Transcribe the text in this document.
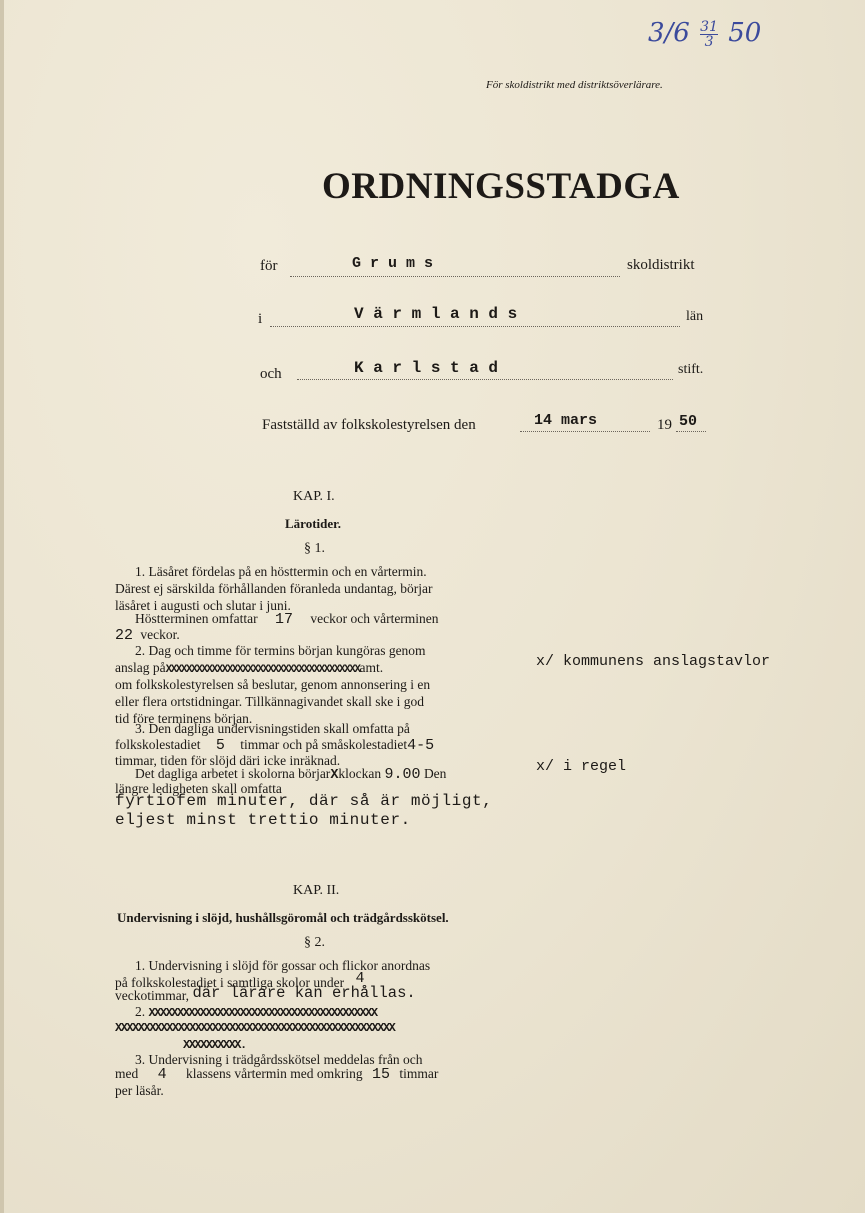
$3/6 \frac{31}{3} 50$
För skoldistrikt med distriktsöverlärare.
ORDNINGSSTADGA
för	G r u m s	skoldistrikt
i	V ä r m l a n d s	län
och	K a r l s t a d	stift.
Fastställd av folkskolestyrelsen den	14 mars	19 50
KAP. I.
Lärotider.
§ 1.
1. Läsåret fördelas på en hösttermin och en vårtermin.
Därest ej särskilda förhållanden föranleda undantag, börjar
läsåret i augusti och slutar i juni.
Höstterminen omfattar 17 veckor och vårterminen
22 veckor.
2. Dag och timme för termins början kungöras genom
anslag påXXXXXXXXXXXXXXXXXXXXXXXXXXXXXXXXXXXXXXamt.	x/ kommunens anslagstavlor
om folkskolestyrelsen så beslutar, genom annonsering i en
eller flera ortstidningar. Tillkännagivandet skall ske i god
tid före terminens början.
3. Den dagliga undervisningstiden skall omfatta på
folkskolestadiet 5 timmar och på småskolestadiet4-5
timmar, tiden för slöjd däri icke inräknad.
Det dagliga arbetet i skolorna börjarXklockan 9.00 Den	x/ i regel
längre ledigheten skall omfatta
fyrtiofem minuter, där så är möjligt,
eljest minst trettio minuter.
KAP. II.
Undervisning i slöjd, hushållsgöromål och trädgårdsskötsel.
§ 2.
1. Undervisning i slöjd för gossar och flickor anordnas
på folkskolestadiet i samtliga skolor under 4
veckotimmar, där lärare kan erhållas.
2. XXXXXXXXXXXXXXXXXXXXXXXXXXXXXXXXXXXXXXXX
XXXXXXXXXXXXXXXXXXXXXXXXXXXXXXXXXXXXXXXXXXXXXXXXX
XXXXXXXXXX.
3. Undervisning i trädgårdsskötsel meddelas från och
med 4 klassens vårtermin med omkring 15 timmar
per läsår.
